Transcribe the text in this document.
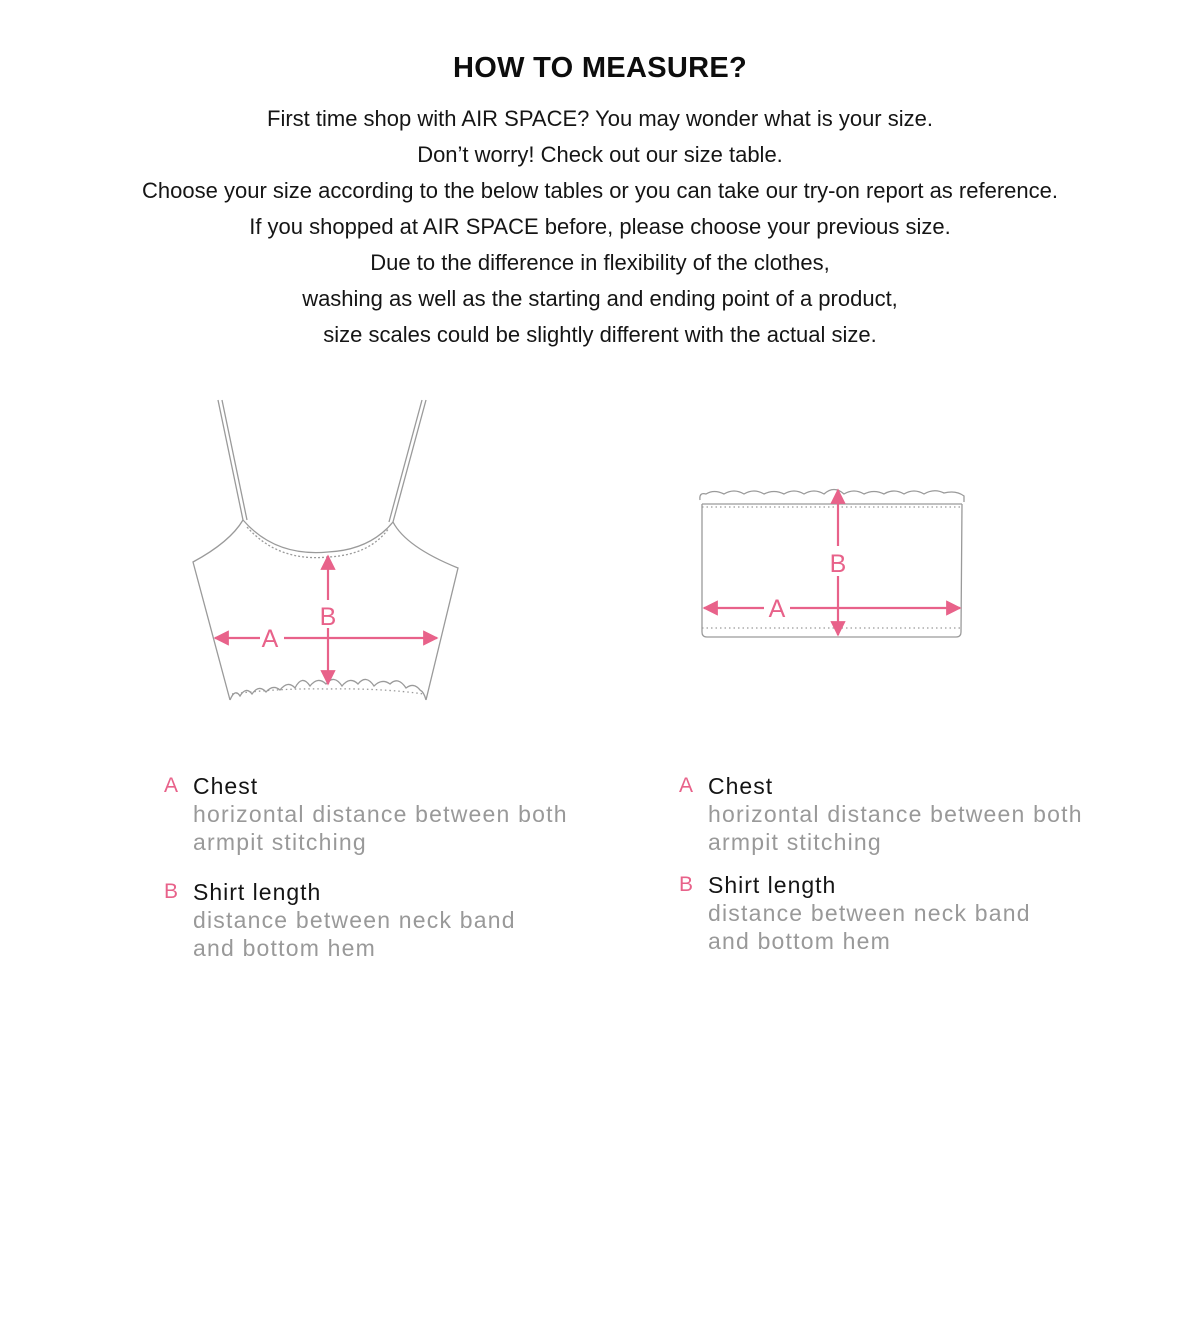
HOW TO MEASURE?
First time shop with AIR SPACE? You may wonder what is your size.
Don’t worry! Check out our size table.
Choose your size according to the below tables or you can take our try-on report as reference.
If you shopped at AIR SPACE before, please choose your previous size.
Due to the difference in flexibility of the clothes,
washing as well as the starting and ending point of a product,
size scales could be slightly different with the actual size.
A
B	A
B
A Chest
horizontal distance between both
armpit stitching
B Shirt length
distance between neck band
and bottom hem
A Chest
horizontal distance between both
armpit stitching
B Shirt length
distance between neck band
and bottom hem
